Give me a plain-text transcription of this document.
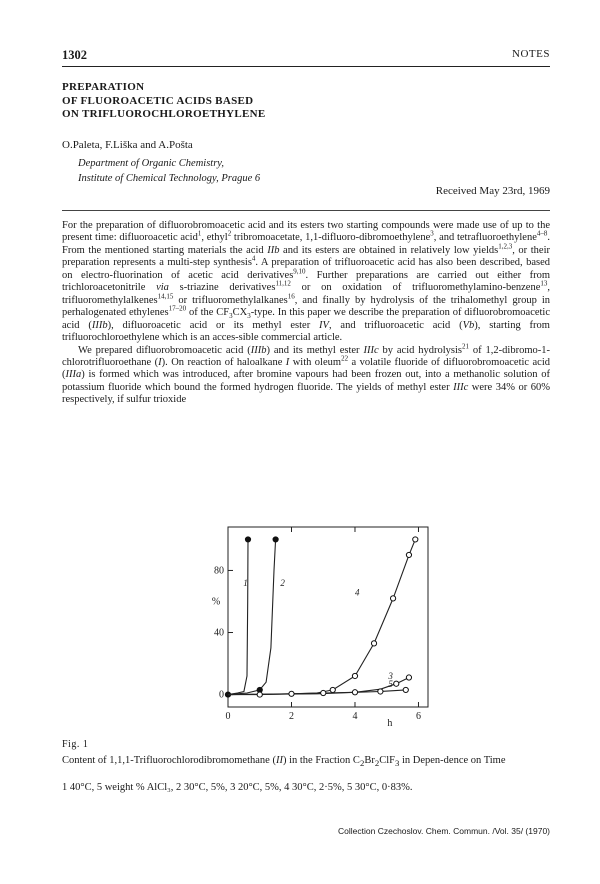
1302	NOTES
PREPARATION
OF FLUOROACETIC ACIDS BASED
ON TRIFLUOROCHLOROETHYLENE
O.Paleta, F.Liška and A.Pošta
Department of Organic Chemistry,
Institute of Chemical Technology, Prague 6
Received May 23rd, 1969

For the preparation of difluorobromoacetic acid and its esters two starting compounds were made use of up to the present time: difluoroacetic acid$^1$, ethyl$^2$ tribromoacetate, 1,1-difluoro-dibromoethylene$^3$, and tetrafluoroethylene$^{4-8}$. From the mentioned starting materials the acid IIb and its esters are obtained in relatively low yields$^{1,2,3}$, or their preparation represents a multi-step synthesis$^4$. A preparation of trifluoroacetic acid has also been described, based on electro-fluorination of acetic acid derivatives$^{9,10}$. Further preparations are carried out either from trichloroacetonitrile via s-triazine derivatives$^{11,12}$ or on oxidation of trifluoromethylamino-benzene$^{13}$, trifluoromethylalkenes$^{14,15}$ or trifluoromethylalkanes$^{16}$, and finally by hydrolysis of the trihalomethyl group in perhalogenated ethylenes$^{17-20}$ of the $CF_3CX_3$-type. In this paper we describe the preparation of difluorobromoacetic acid (IIIb), difluoroacetic acid or its methyl ester IV, and trifluoroacetic acid (Vb), starting from trifluorochloroethylene which is an acces-sible commercial article.

We prepared difluorobromoacetic acid (IIIb) and its methyl ester IIIc by acid hydrolysis$^{21}$ of 1,2-dibromo-1-chlorotrifluoroethane (I). On reaction of haloalkane I with oleum$^{22}$ a volatile fluoride of difluorobromoacetic acid (IIIa) is formed which was introduced, after bromine vapours had been frozen out, into a methanolic solution of potassium fluoride which bound the formed hydrogen fluoride. The yields of methyl ester IIIc were 34% or 60% respectively, if sulfur trioxide

0	2	4	6
0
40
80
%
h
1	2
3
4
5
Fig. 1
Content of 1,1,1-Trifluorochlorodibromomethane (II) in the Fraction $C_2Br_2ClF_3$ in Depen-dence on Time
1 40°C, 5 weight % AlCl₃, 2 30°C, 5%, 3 20°C, 5%, 4 30°C, 2·5%, 5 30°C, 0·83%.
Collection Czechoslov. Chem. Commun. /Vol. 35/ (1970)
